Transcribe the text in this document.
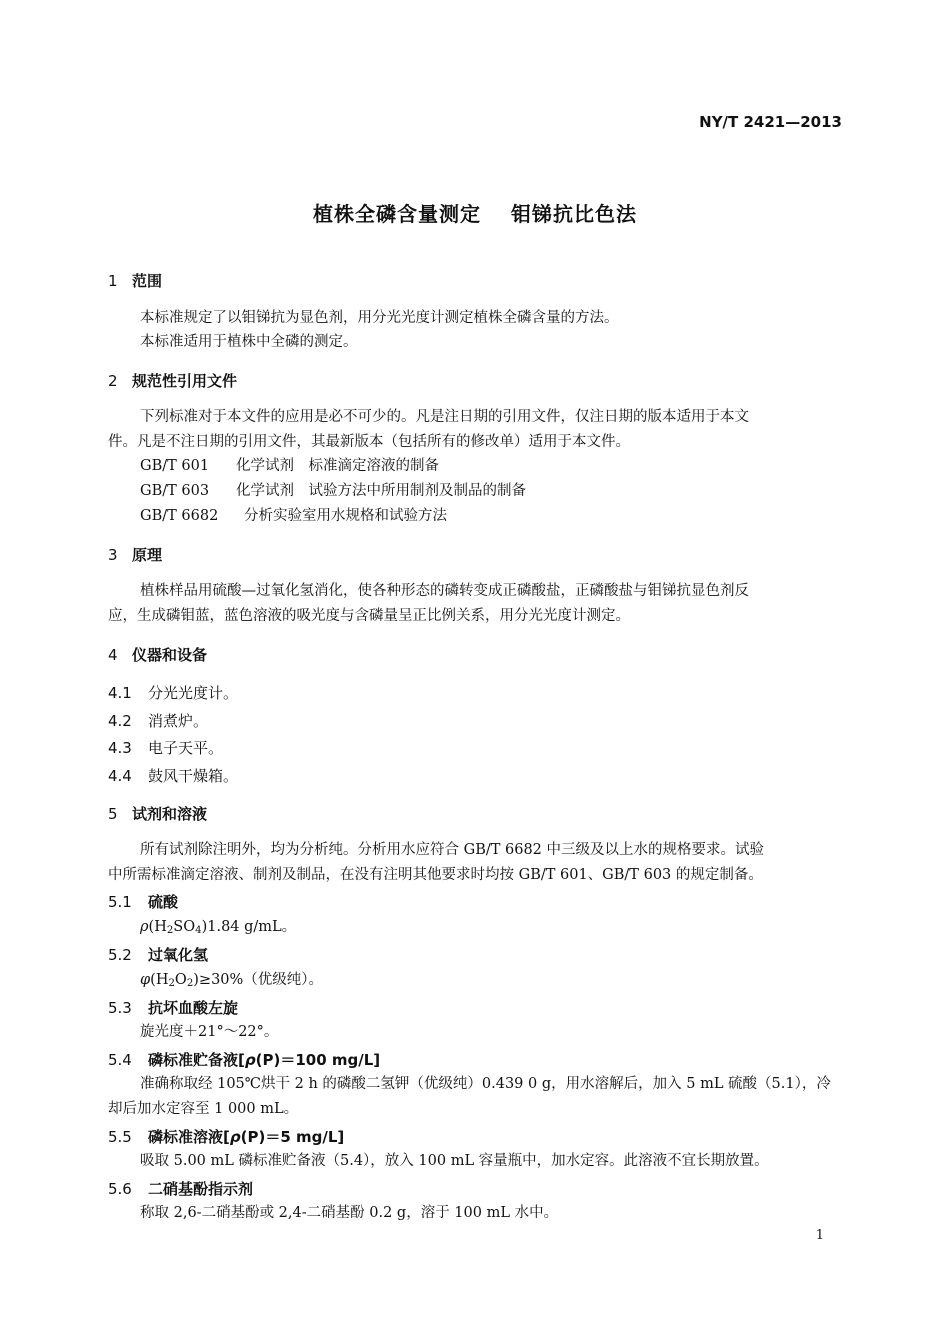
NY/T 2421—2013
植株全磷含量测定 钼锑抗比色法
1 范围
本标准规定了以钼锑抗为显色剂，用分光光度计测定植株全磷含量的方法。
本标准适用于植株中全磷的测定。
2 规范性引用文件
下列标准对于本文件的应用是必不可少的。凡是注日期的引用文件，仅注日期的版本适用于本文
件。凡是不注日期的引用文件，其最新版本（包括所有的修改单）适用于本文件。
GB/T 601 化学试剂　标准滴定溶液的制备
GB/T 603 化学试剂　试验方法中所用制剂及制品的制备
GB/T 6682 分析实验室用水规格和试验方法
3 原理
植株样品用硫酸—过氧化氢消化，使各种形态的磷转变成正磷酸盐，正磷酸盐与钼锑抗显色剂反
应，生成磷钼蓝，蓝色溶液的吸光度与含磷量呈正比例关系，用分光光度计测定。
4 仪器和设备
4.1 分光光度计。
4.2 消煮炉。
4.3 电子天平。
4.4 鼓风干燥箱。
5 试剂和溶液
所有试剂除注明外，均为分析纯。分析用水应符合 GB/T 6682 中三级及以上水的规格要求。试验
中所需标准滴定溶液、制剂及制品，在没有注明其他要求时均按 GB/T 601、GB/T 603 的规定制备。
5.1 硫酸
$\rho(H_2SO_4)1.84$ g/mL。
5.2 过氧化氢
$\varphi(H_2O_2)\ge 30\%$（优级纯）。
5.3 抗坏血酸左旋
旋光度＋21°～22°。
5.4 磷标准贮备液[ρ(P)＝100 mg/L]
准确称取经 105℃烘干 2 h 的磷酸二氢钾（优级纯）0.439 0 g，用水溶解后，加入 5 mL 硫酸（5.1），冷
却后加水定容至 1 000 mL。
5.5 磷标准溶液[ρ(P)＝5 mg/L]
吸取 5.00 mL 磷标准贮备液（5.4），放入 100 mL 容量瓶中，加水定容。此溶液不宜长期放置。
5.6 二硝基酚指示剂
称取 2,6-二硝基酚或 2,4-二硝基酚 0.2 g，溶于 100 mL 水中。
1
